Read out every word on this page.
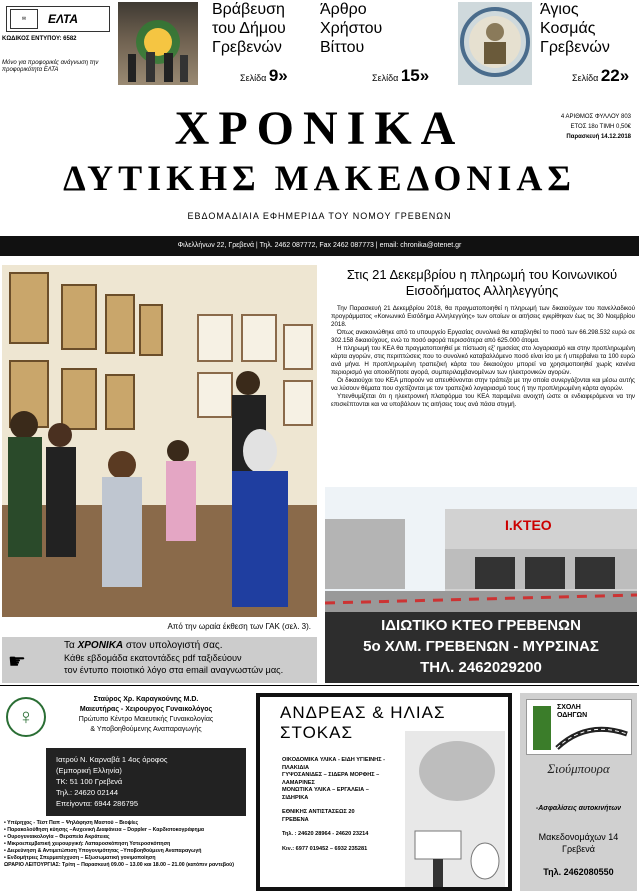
✉	ΕΛΤΑ
ΚΩΔΙΚΟΣ ΕΝΤΥΠΟΥ: 6582
Μόνο για προφορικές ανάγνωση την προφορικότητα ΕΛΤΑ
Βράβευση
του Δήμου
Γρεβενών
Σελίδα 9»
Άρθρο
Χρήστου
Βίττου
Σελίδα 15»
Άγιος
Κοσμάς
Γρεβενών
Σελίδα 22»
ΧΡΟΝΙΚΑ
ΔΥΤΙΚΗΣ ΜΑΚΕΔΟΝΙΑΣ
4 ΑΡΙΘΜΟΣ ΦΥΛΛΟΥ 803
ΕΤΟΣ 18ο ΤΙΜΗ 0,50€
Παρασκευή 14.12.2018
ΕΒΔΟΜΑΔΙΑΙΑ ΕΦΗΜΕΡΙΔΑ ΤΟΥ ΝΟΜΟΥ ΓΡΕΒΕΝΩΝ
Φιλελλήνων 22, Γρεβενά | Τηλ. 2462 087772, Fax 2462 087773 | email: chronika@otenet.gr
Από την ωραία έκθεση των ΓΑΚ (σελ. 3).
Στις 21 Δεκεμβρίου η πληρωμή του Κοινωνικού
Εισοδήματος Αλληλεγγύης

Την Παρασκευή 21 Δεκεμβρίου 2018, θα πραγματοποιηθεί η πληρωμή των δικαιούχων του πανελλαδικού προγράμματος «Κοινωνικό Εισόδημα Αλληλεγγύης» των οποίων οι αιτήσεις εγκρίθηκαν έως τις 30 Νοεμβρίου 2018.

Όπως ανακοινώθηκε από το υπουργείο Εργασίας συνολικά θα καταβληθεί το ποσό των 66.298.532 ευρώ σε 302.158 δικαιούχους, ενώ το ποσό αφορά περισσότερα από 625.000 άτομα.

Η πληρωμή του ΚΕΑ θα πραγματοποιηθεί με πίστωση εξ' ημισείας στο λογαριασμό και στην προπληρωμένη κάρτα αγορών, στις περιπτώσεις που το συνολικό καταβαλλόμενο ποσό είναι ίσο με ή υπερβαίνει τα 100 ευρώ ανά μήνα. Η προπληρωμένη τραπεζική κάρτα του δικαιούχου μπορεί να χρησιμοποιηθεί χωρίς κανένα περιορισμό για οποιοδήποτε αγορά, συμπεριλαμβανομένων των ηλεκτρονικών αγορών.

Οι δικαιούχοι του ΚΕΑ μπορούν να απευθύνονται στην τράπεζα με την οποία συνεργάζονται και μέσω αυτής να λύσουν θέματα που σχετίζονται με τον τραπεζικό λογαριασμό τους ή την προπληρωμένη κάρτα αγορών.

Υπενθυμίζεται ότι η ηλεκτρονική πλατφόρμα του ΚΕΑ παραμένει ανοιχτή ώστε οι ενδιαφερόμενοι να την επισκέπτονται και να υποβάλουν τις αιτήσεις τους ανά πάσα στιγμή.

Ι.ΚΤΕΟ
ΙΔΙΩΤΙΚΟ ΚΤΕΟ ΓΡΕΒΕΝΩΝ
5ο ΧΛΜ. ΓΡΕΒΕΝΩΝ - ΜΥΡΣΙΝΑΣ
ΤΗΛ. 2462029200
☛
Τα ΧΡΟΝΙΚΑ στον υπολογιστή σας.
Κάθε εβδομάδα εκατοντάδες pdf ταξιδεύουν
τον έντυπο ποιοτικό λόγο στα email αναγνωστών μας.
♀
Σταύρος Χρ. Καραγκούνης M.D.
Μαιευτήρας - Χειρουργος Γυναικολόγος
Πρώτυπο Κέντρο Μαιευτικής Γυναικολογίας
& Υποβοηθούμενης Αναπαραγωγής
Ιατρού Ν. Καρναβά 1 4ος όροφος
(Εμπορική Ελληνία)
ΤΚ: 51 100 Γρεβενά
Τηλ.: 24620 02144
Επείγοντα: 6944 286795
• Υπέρηχος - Τέστ Παπ – Ψηλάφηση Μαστού – Βιοψίες
• Παρακολούθηση κύησης –Αυχενική Διαφάνεια – Doppler – Καρδιοτοκογράφημα
• Ουρογυναικολογία – Θεραπεία Ακράτειας
• Μικροεπεμβατική χειρουργική: Λαπαροσκόπηση Υστεροσκόπηση
• Διερεύνηση & Αντιμετώπιση Υπογονιμότητας –Υποβοηθούμενη Αναπαραγωγή
• Ενδομήτριες Σπερματέγχυση – Εξωσωματική γονιμοποίηση
ΩΡΑΡΙΟ ΛΕΙΤΟΥΡΓΙΑΣ: Τρίτη – Παρασκευή 09.00 – 13.00 και 18.00 – 21.00 (κατόπιν ραντεβού)
ΑΝΔΡΕΑΣ & ΗΛΙΑΣ
ΣΤΟΚΑΣ
ΟΙΚΟΔΟΜΙΚΑ ΥΛΙΚΑ - ΕΙΔΗ ΥΓΙΕΙΝΗΣ -
ΠΛΑΚΙΔΙΑ
ΓΥΨΟΣΑΝΙΔΕΣ – ΣΙΔΕΡΑ ΜΟΡΦΗΣ –
ΛΑΜΑΡΙΝΕΣ
ΜΟΝΩΤΙΚΑ ΥΛΙΚΑ – ΕΡΓΑΛΕΙΑ –
ΣΙΔΗΡΙΚΑ
ΕΘΝΙΚΗΣ ΑΝΤΙΣΤΑΣΕΩΣ 20
ΓΡΕΒΕΝΑ
Τηλ. : 24620 28964 - 24620 23214
Κιν.: 6977 019452 – 6932 235281
ΣΧΟΛΗ
ΟΔΗΓΩΝ
Σιούμπουρα
-Ασφαλίσεις αυτοκινήτων
Μακεδονομάχων 14
Γρεβενά
Τηλ. 2462080550
